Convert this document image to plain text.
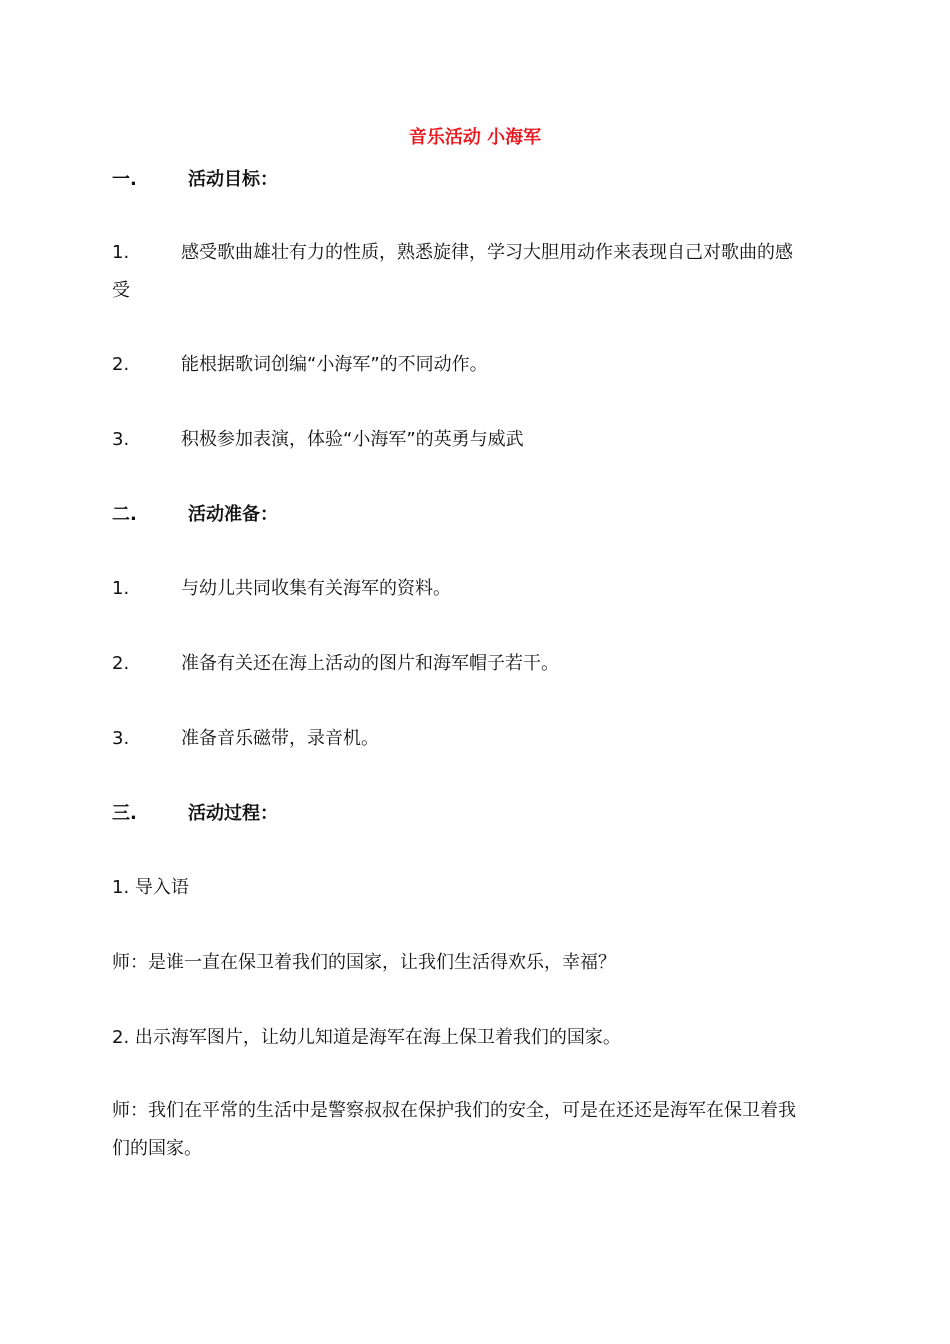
音乐活动 小海军
一.	活动目标：
1.	感受歌曲雄壮有力的性质，熟悉旋律，学习大胆用动作来表现自己对歌曲的感
受
2.	能根据歌词创编“小海军”的不同动作。
3.	积极参加表演，体验“小海军”的英勇与威武
二.	活动准备：
1.	与幼儿共同收集有关海军的资料。
2.	准备有关还在海上活动的图片和海军帽子若干。
3.	准备音乐磁带，录音机。
三.	活动过程：
1. 导入语
师：是谁一直在保卫着我们的国家，让我们生活得欢乐，幸福？
2. 出示海军图片，让幼儿知道是海军在海上保卫着我们的国家。
师：我们在平常的生活中是警察叔叔在保护我们的安全，可是在还还是海军在保卫着我
们的国家。
